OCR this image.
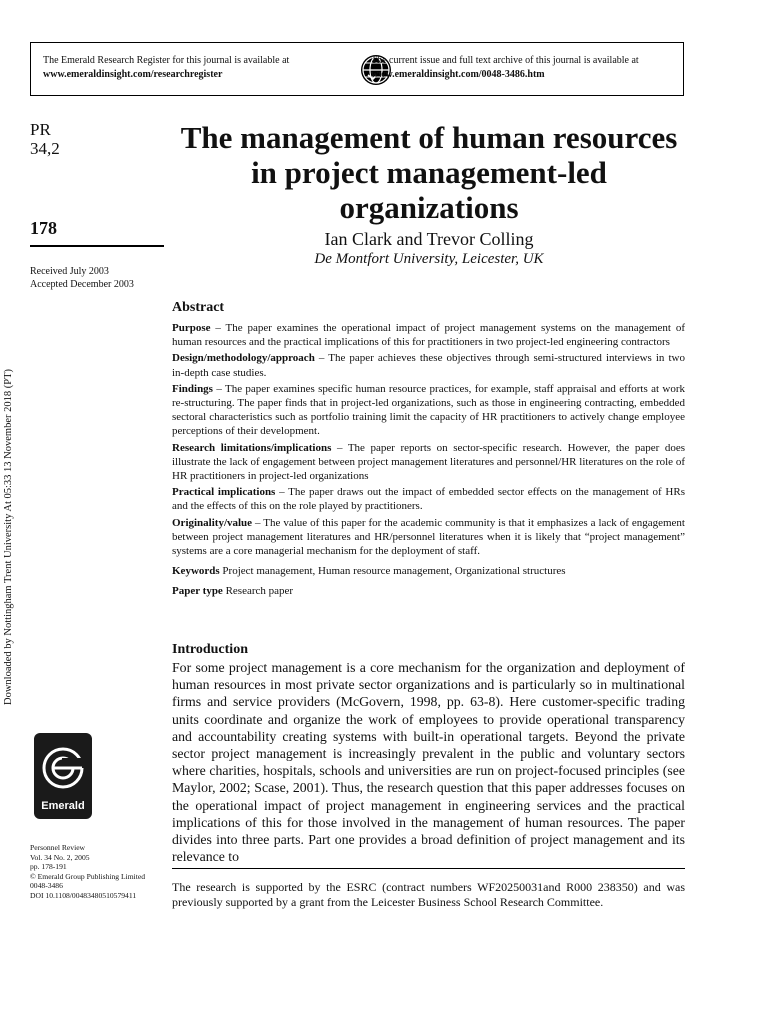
The Emerald Research Register for this journal is available at
www.emeraldinsight.com/researchregister
The current issue and full text archive of this journal is available at
www.emeraldinsight.com/0048-3486.htm
Downloaded by Nottingham Trent University At 05:33 13 November 2018 (PT)
PR
34,2
178
Received July 2003
Accepted December 2003
The management of human resources in project management-led organizations
Ian Clark and Trevor Colling
De Montfort University, Leicester, UK
Abstract

Purpose – The paper examines the operational impact of project management systems on the management of human resources and the practical implications of this for practitioners in two project-led engineering contractors

Design/methodology/approach – The paper achieves these objectives through semi-structured interviews in two in-depth case studies.

Findings – The paper examines specific human resource practices, for example, staff appraisal and efforts at work re-structuring. The paper finds that in project-led organizations, such as those in engineering contracting, embedded sectoral characteristics such as portfolio training limit the capacity of HR practitioners to actively change employee perceptions of their development.

Research limitations/implications – The paper reports on sector-specific research. However, the paper does illustrate the lack of engagement between project management literatures and personnel/HR literatures on the role of HR practitioners in project-led organizations

Practical implications – The paper draws out the impact of embedded sector effects on the management of HRs and the effects of this on the role played by practitioners.

Originality/value – The value of this paper for the academic community is that it emphasizes a lack of engagement between project management literatures and HR/personnel literatures when it is likely that “project management” systems are a core managerial mechanism for the deployment of staff.

Keywords Project management, Human resource management, Organizational structures

Paper type Research paper

Introduction

For some project management is a core mechanism for the organization and deployment of human resources in most private sector organizations and is particularly so in multinational firms and service providers (McGovern, 1998, pp. 63-8). Here customer-specific trading units coordinate and organize the work of employees to provide operational transparency and accountability creating systems with built-in operational targets. Beyond the private sector project management is increasingly prevalent in the public and voluntary sectors where charities, hospitals, schools and universities are run on project-focused principles (see Maylor, 2002; Scase, 2001). Thus, the research question that this paper addresses focuses on the operational impact of project management in engineering services and the practical implications of this for those involved in the management of human resources. The paper divides into three parts. Part one provides a broad definition of project management and its relevance to

Emerald
Personnel Review
Vol. 34 No. 2, 2005
pp. 178-191
© Emerald Group Publishing Limited
0048-3486
DOI 10.1108/00483480510579411
The research is supported by the ESRC (contract numbers WF20250031and R000 238350) and was previously supported by a grant from the Leicester Business School Research Committee.
